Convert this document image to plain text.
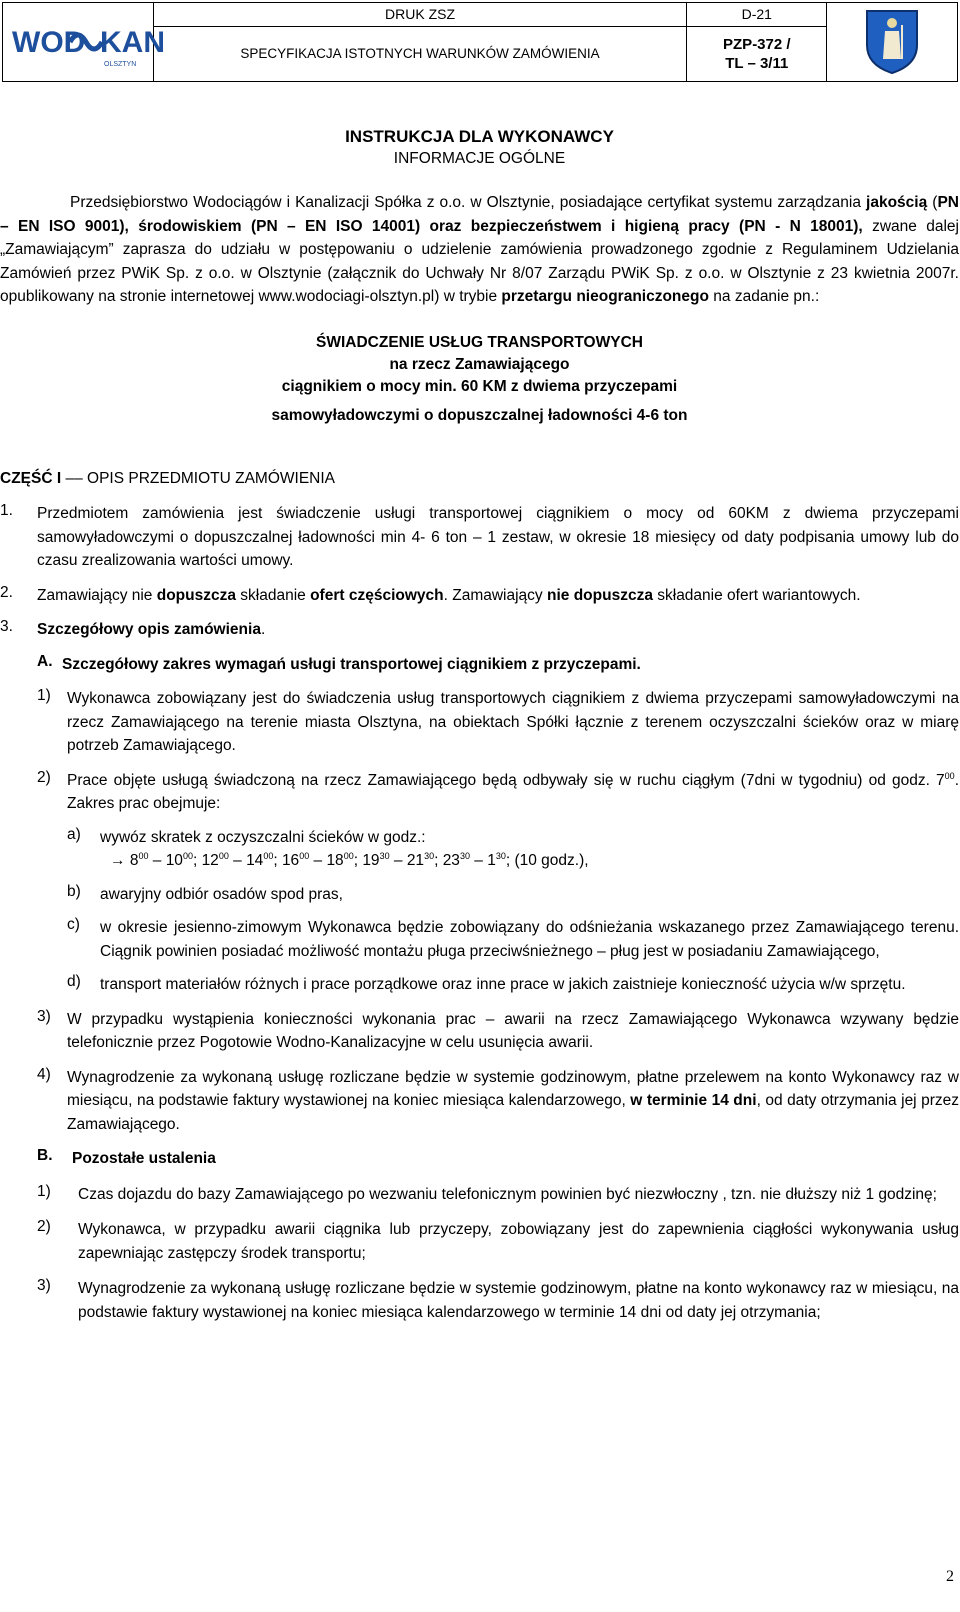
WOD KAN
OLSZTYN	DRUK ZSZ	D-21	
	SPECYFIKACJA ISTOTNYCH WARUNKÓW ZAMÓWIENIA	PZP-372 /
TL – 3/11	

INSTRUKCJA DLA WYKONAWCY

INFORMACJE OGÓLNE

Przedsiębiorstwo Wodociągów i Kanalizacji Spółka z o.o. w Olsztynie, posiadające certyfikat systemu zarządzania jakością (PN – EN ISO 9001), środowiskiem (PN – EN ISO 14001) oraz bezpieczeństwem i higieną pracy (PN - N 18001), zwane dalej „Zamawiającym” zaprasza do udziału w postępowaniu o udzielenie zamówienia prowadzonego zgodnie z Regulaminem Udzielania Zamówień przez PWiK Sp. z o.o. w Olsztynie (załącznik do Uchwały Nr 8/07 Zarządu PWiK Sp. z o.o. w Olsztynie z 23 kwietnia 2007r. opublikowany na stronie internetowej www.wodociagi-olsztyn.pl) w trybie przetargu nieograniczonego na zadanie pn.:

ŚWIADCZENIE USŁUG TRANSPORTOWYCH

na rzecz Zamawiającego

ciągnikiem o mocy min. 60 KM z dwiema przyczepami

samowyładowczymi o dopuszczalnej ładowności 4-6 ton

CZĘŚĆ I –– OPIS PRZEDMIOTU ZAMÓWIENIA

1.	Przedmiotem zamówienia jest świadczenie usługi transportowej ciągnikiem o mocy od 60KM z dwiema przyczepami samowyładowczymi o dopuszczalnej ładowności min 4- 6 ton – 1 zestaw, w okresie 18 miesięcy od daty podpisania umowy lub do czasu zrealizowania wartości umowy.

2.	Zamawiający nie dopuszcza składanie ofert częściowych. Zamawiający nie dopuszcza składanie ofert wariantowych.

3.	Szczegółowy opis zamówienia.

A. Szczegółowy zakres wymagań usługi transportowej ciągnikiem z przyczepami.

1)	Wykonawca zobowiązany jest do świadczenia usług transportowych ciągnikiem z dwiema przyczepami samowyładowczymi na rzecz Zamawiającego na terenie miasta Olsztyna, na obiektach Spółki łącznie z terenem oczyszczalni ścieków oraz w miarę potrzeb Zamawiającego.

2)	Prace objęte usługą świadczoną na rzecz Zamawiającego będą odbywały się w ruchu ciągłym (7dni w tygodniu) od godz. $7^{00}$. Zakres prac obejmuje:

a)	wywóz skratek z oczyszczalni ścieków w godz.:

→ $8^{00} - 10^{00}$; $12^{00} - 14^{00}$; $16^{00} - 18^{00}$; $19^{30} - 21^{30}$; $23^{30} - 1^{30}$; (10 godz.),

b)	awaryjny odbiór osadów spod pras,

c)	w okresie jesienno-zimowym Wykonawca będzie zobowiązany do odśnieżania wskazanego przez Zamawiającego terenu. Ciągnik powinien posiadać możliwość montażu pługa przeciwśnieżnego – pług jest w posiadaniu Zamawiającego,

d)	transport materiałów różnych i prace porządkowe oraz inne prace w jakich zaistnieje konieczność użycia w/w sprzętu.

3)	W przypadku wystąpienia konieczności wykonania prac – awarii na rzecz Zamawiającego Wykonawca wzywany będzie telefonicznie przez Pogotowie Wodno-Kanalizacyjne w celu usunięcia awarii.

4)	Wynagrodzenie za wykonaną usługę rozliczane będzie w systemie godzinowym, płatne przelewem na konto Wykonawcy raz w miesiącu, na podstawie faktury wystawionej na koniec miesiąca kalendarzowego, w terminie 14 dni, od daty otrzymania jej przez Zamawiającego.

B.	Pozostałe ustalenia

1)	Czas dojazdu do bazy Zamawiającego po wezwaniu telefonicznym powinien być niezwłoczny , tzn. nie dłuższy niż 1 godzinę;

2)	Wykonawca, w przypadku awarii ciągnika lub przyczepy, zobowiązany jest do zapewnienia ciągłości wykonywania usług zapewniając zastępczy środek transportu;

3)	Wynagrodzenie za wykonaną usługę rozliczane będzie w systemie godzinowym, płatne na konto wykonawcy raz w miesiącu, na podstawie faktury wystawionej na koniec miesiąca kalendarzowego w terminie 14 dni od daty jej otrzymania;

2
